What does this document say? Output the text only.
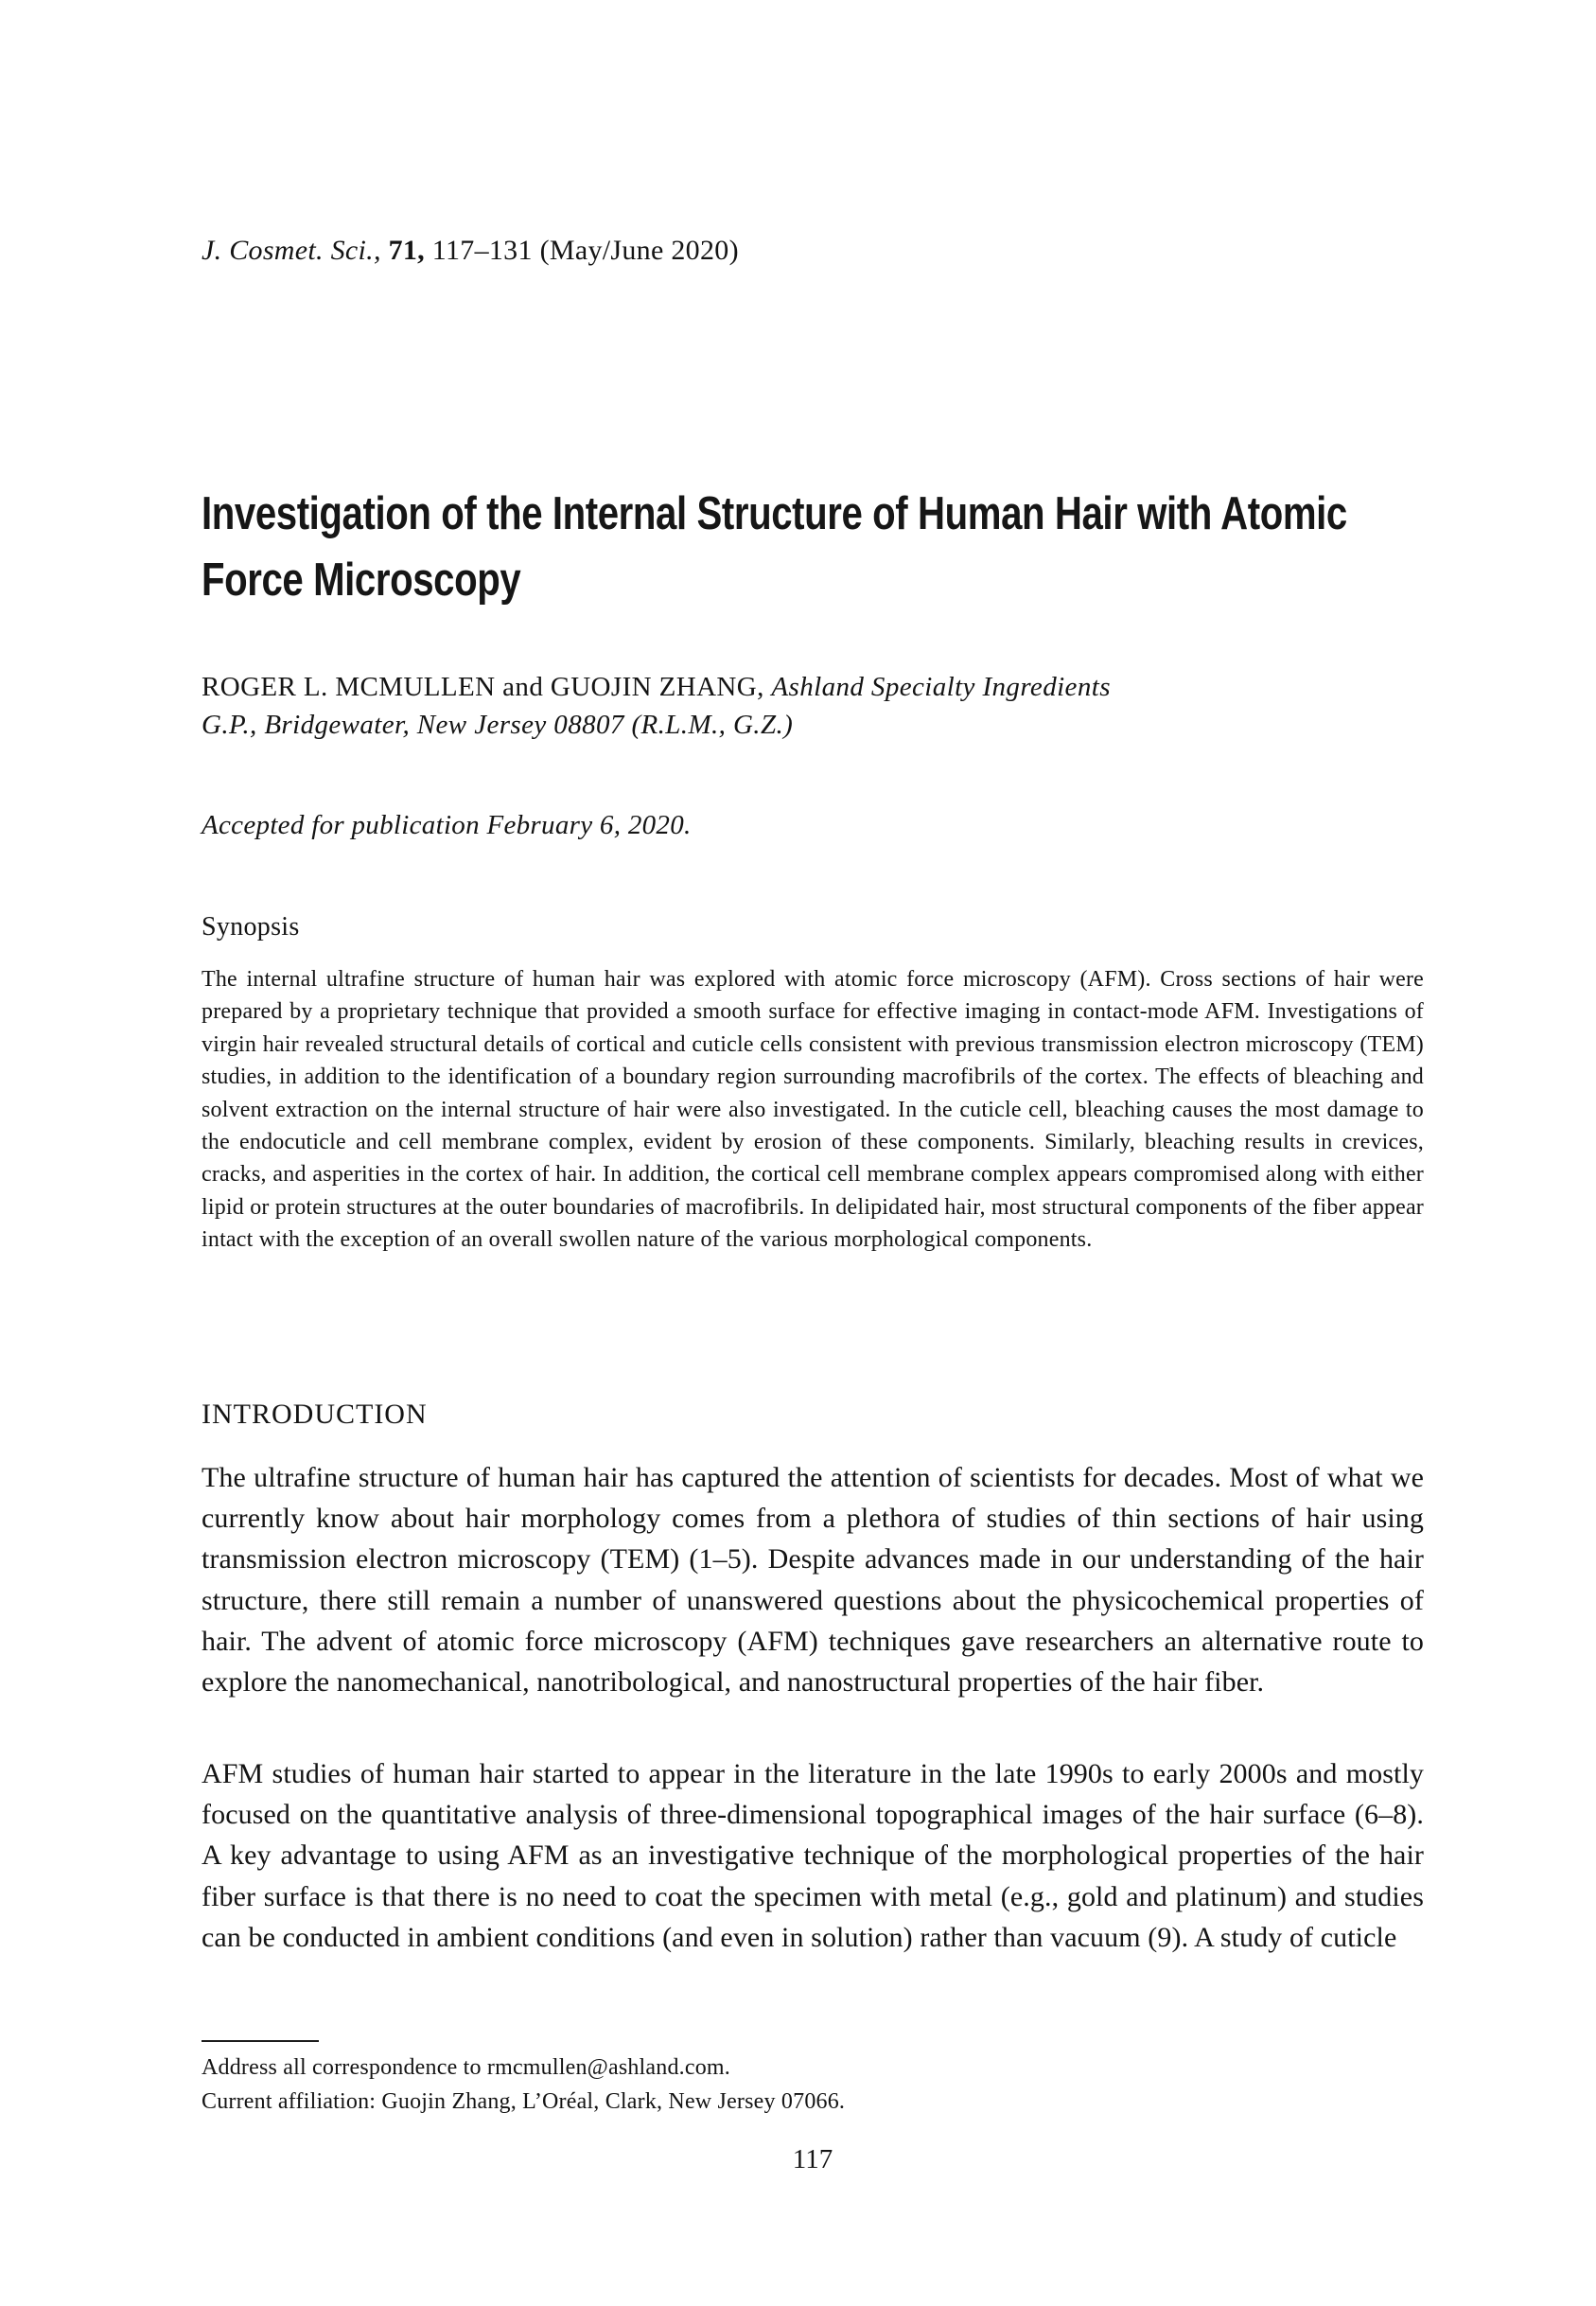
J. Cosmet. Sci., 71, 117–131 (May/June 2020)
Investigation of the Internal Structure of Human Hair with Atomic Force Microscopy
ROGER L. MCMULLEN and GUOJIN ZHANG, Ashland Specialty Ingredients G.P., Bridgewater, New Jersey 08807 (R.L.M., G.Z.)
Accepted for publication February 6, 2020.
Synopsis

The internal ultrafine structure of human hair was explored with atomic force microscopy (AFM). Cross sections of hair were prepared by a proprietary technique that provided a smooth surface for effective imaging in contact-mode AFM. Investigations of virgin hair revealed structural details of cortical and cuticle cells consistent with previous transmission electron microscopy (TEM) studies, in addition to the identification of a boundary region surrounding macrofibrils of the cortex. The effects of bleaching and solvent extraction on the internal structure of hair were also investigated. In the cuticle cell, bleaching causes the most damage to the endocuticle and cell membrane complex, evident by erosion of these components. Similarly, bleaching results in crevices, cracks, and asperities in the cortex of hair. In addition, the cortical cell membrane complex appears compromised along with either lipid or protein structures at the outer boundaries of macrofibrils. In delipidated hair, most structural components of the fiber appear intact with the exception of an overall swollen nature of the various morphological components.

INTRODUCTION

The ultrafine structure of human hair has captured the attention of scientists for decades. Most of what we currently know about hair morphology comes from a plethora of studies of thin sections of hair using transmission electron microscopy (TEM) (1–5). Despite advances made in our understanding of the hair structure, there still remain a number of unanswered questions about the physicochemical properties of hair. The advent of atomic force microscopy (AFM) techniques gave researchers an alternative route to explore the nanomechanical, nanotribological, and nanostructural properties of the hair fiber.

AFM studies of human hair started to appear in the literature in the late 1990s to early 2000s and mostly focused on the quantitative analysis of three-dimensional topographical images of the hair surface (6–8). A key advantage to using AFM as an investigative technique of the morphological properties of the hair fiber surface is that there is no need to coat the specimen with metal (e.g., gold and platinum) and studies can be conducted in ambient conditions (and even in solution) rather than vacuum (9). A study of cuticle

Address all correspondence to rmcmullen@ashland.com.
Current affiliation: Guojin Zhang, L’Oréal, Clark, New Jersey 07066.
117
